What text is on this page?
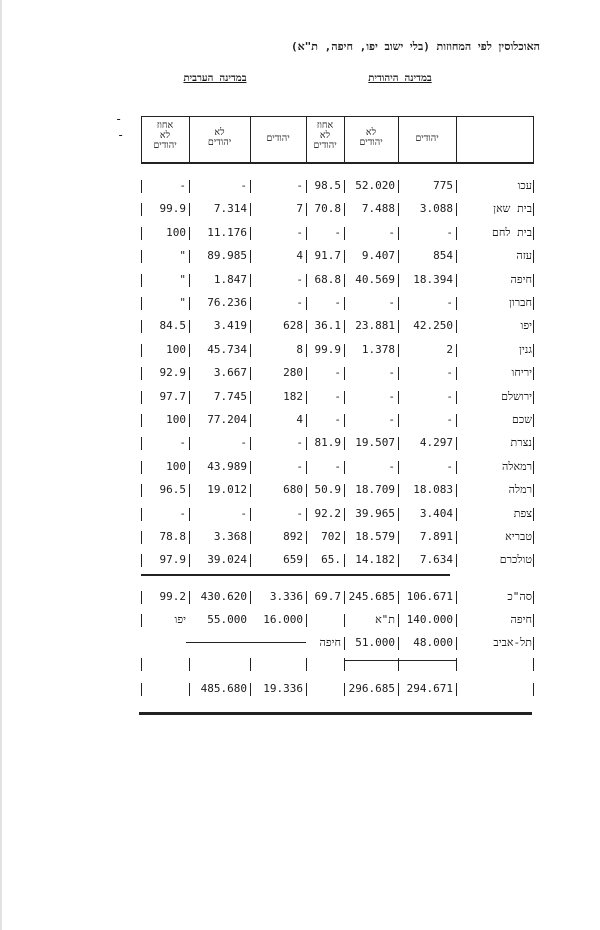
האוכלוסין לפי המחוזות (בלי ישוב יפו, חיפה, ת"א)
במדינה היהודית
במדינה הערבית
יהודים
לא
יהודים
אחוז
לא
יהודים
יהודים
לא
יהודים
אחוז
לא
יהודים
-
-
עכו
775
52.020
98.5
-
-
-
בית שאן
3.088
7.488
70.8
7
7.314
99.9
בית לחם
-
-
-
-
11.176
100
עזה
854
9.407
91.7
4
89.985
"
חיפה
18.394
40.569
68.8
-
1.847
"
חברון
-
-
-
-
76.236
"
יפו
42.250
23.881
36.1
628
3.419
84.5
גנין
2
1.378
99.9
8
45.734
100
יריחו
-
-
-
280
3.667
92.9
ירושלם
-
-
-
182
7.745
97.7
שכם
-
-
-
4
77.204
100
נצרת
4.297
19.507
81.9
-
-
-
רמאלה
-
-
-
-
43.989
100
רמלה
18.083
18.709
50.9
680
19.012
96.5
צפת
3.404
39.965
92.2
-
-
-
טבריא
7.891
18.579
702
892
3.368
78.8
טולכרם
7.634
14.182
65.
659
39.024
97.9
סה"כ
106.671
245.685
69.7
3.336
430.620
99.2
חיפה
140.000
ת"א
16.000
55.000
יפו
תל-אביב
48.000
51.000
חיפה
294.671
296.685
19.336
485.680
